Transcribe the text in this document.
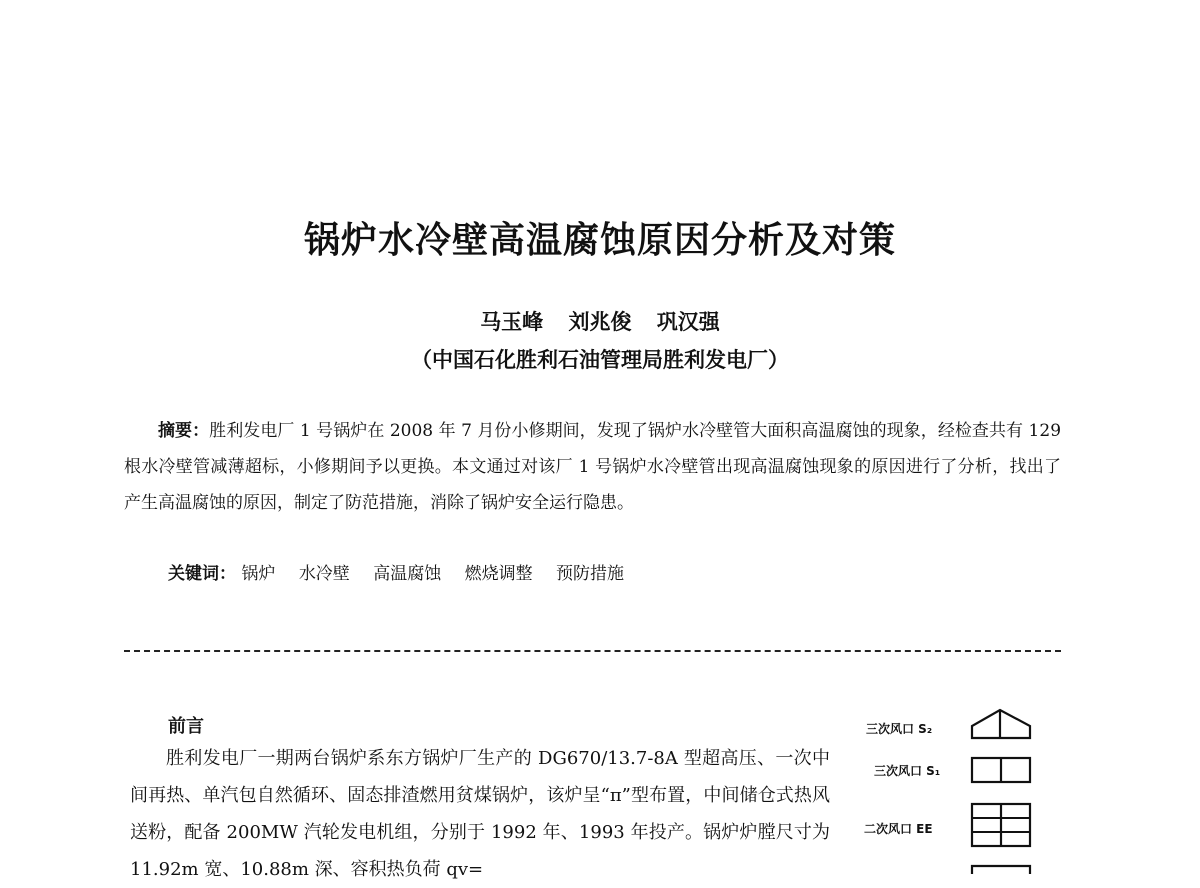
锅炉水冷壁高温腐蚀原因分析及对策
马玉峰 刘兆俊 巩汉强
（中国石化胜利石油管理局胜利发电厂）
摘要：胜利发电厂 1 号锅炉在 2008 年 7 月份小修期间，发现了锅炉水冷壁管大面积高温腐蚀的现象，经检查共有 129 根水冷壁管减薄超标，小修期间予以更换。本文通过对该厂 1 号锅炉水冷壁管出现高温腐蚀现象的原因进行了分析，找出了产生高温腐蚀的原因，制定了防范措施，消除了锅炉安全运行隐患。
关键词： 锅炉 水冷壁 高温腐蚀 燃烧调整 预防措施
前言
胜利发电厂一期两台锅炉系东方锅炉厂生产的 DG670/13.7-8A 型超高压、一次中间再热、单汽包自然循环、固态排渣燃用贫煤锅炉，该炉呈“π”型布置，中间储仓式热风送粉，配备 200MW 汽轮发电机组，分别于 1992 年、1993 年投产。锅炉炉膛尺寸为 11.92m 宽、10.88m 深、容积热负荷 qv=
三次风口 S₂
三次风口 S₁
二次风口 EE
